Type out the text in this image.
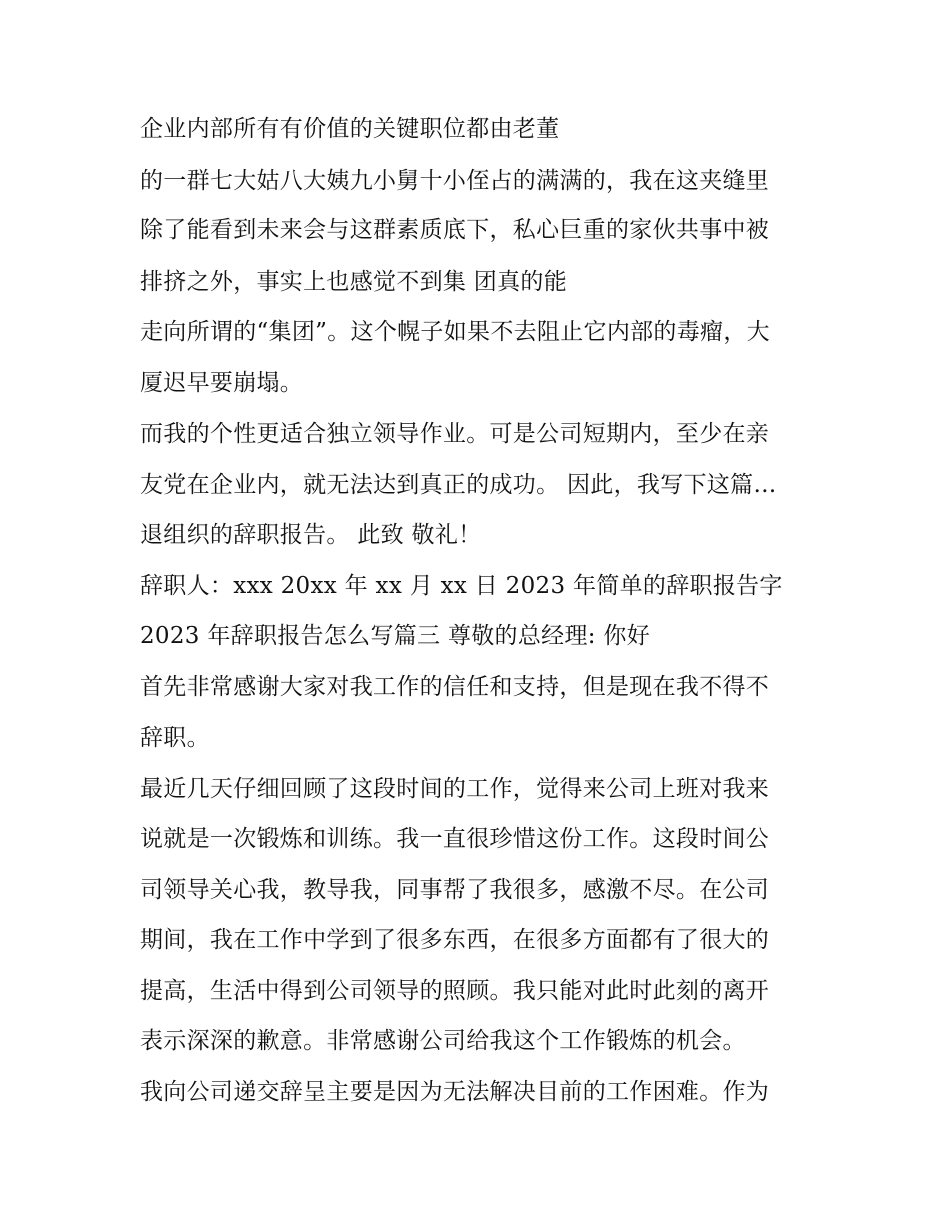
企业内部所有有价值的关键职位都由老董
的一群七大姑八大姨九小舅十小侄占的满满的，我在这夹缝里
除了能看到未来会与这群素质底下，私心巨重的家伙共事中被
排挤之外，事实上也感觉不到集 团真的能
走向所谓的“集团”。这个幌子如果不去阻止它内部的毒瘤，大
厦迟早要崩塌。
而我的个性更适合独立领导作业。可是公司短期内，至少在亲
友党在企业内，就无法达到真正的成功。 因此，我写下这篇…
退组织的辞职报告。 此致 敬礼！
辞职人：xxx 20xx 年 xx 月 xx 日 2023 年简单的辞职报告字
2023 年辞职报告怎么写篇三 尊敬的总经理: 你好
首先非常感谢大家对我工作的信任和支持，但是现在我不得不
辞职。
最近几天仔细回顾了这段时间的工作，觉得来公司上班对我来
说就是一次锻炼和训练。我一直很珍惜这份工作。这段时间公
司领导关心我，教导我，同事帮了我很多，感激不尽。在公司
期间，我在工作中学到了很多东西，在很多方面都有了很大的
提高，生活中得到公司领导的照顾。我只能对此时此刻的离开
表示深深的歉意。非常感谢公司给我这个工作锻炼的机会。
我向公司递交辞呈主要是因为无法解决目前的工作困难。作为
